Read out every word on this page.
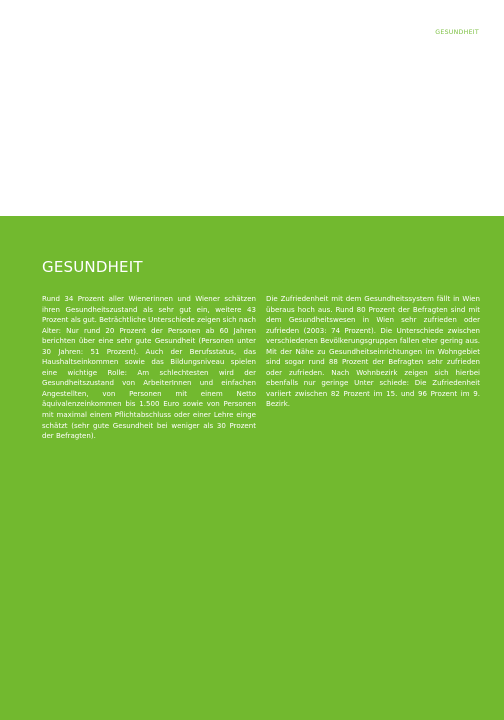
GESUNDHEIT
GESUNDHEIT

Rund 34 Prozent aller Wienerinnen und Wiener schätzen ihren Gesundheitszustand als sehr gut ein, weitere 43 Prozent als gut. Beträchtliche Unterschiede zeigen sich nach Alter: Nur rund 20 Prozent der Personen ab 60 Jahren berichten über eine sehr gute Gesundheit (Personen unter 30 Jahren: 51 Prozent). Auch der Berufsstatus, das Haushaltseinkommen sowie das Bildungsniveau spielen eine wichtige Rolle: Am schlechtesten wird der Gesundheitszustand von ArbeiterInnen und einfachen Angestellten, von Personen mit einem Netto äquivalenzeinkommen bis 1.500 Euro sowie von Personen mit maximal einem Pflichtabschluss oder einer Lehre einge schätzt (sehr gute Gesundheit bei weniger als 30 Prozent der Befragten).

Die Zufriedenheit mit dem Gesundheitssystem fällt in Wien überaus hoch aus. Rund 80 Prozent der Befragten sind mit dem Gesundheitswesen in Wien sehr zufrieden oder zufrieden (2003: 74 Prozent). Die Unterschiede zwischen verschiedenen Bevölkerungsgruppen fallen eher gering aus. Mit der Nähe zu Gesundheitseinrichtungen im Wohngebiet sind sogar rund 88 Prozent der Befragten sehr zufrieden oder zufrieden. Nach Wohnbezirk zeigen sich hierbei ebenfalls nur geringe Unter schiede: Die Zufriedenheit variiert zwischen 82 Prozent im 15. und 96 Prozent im 9. Bezirk.
